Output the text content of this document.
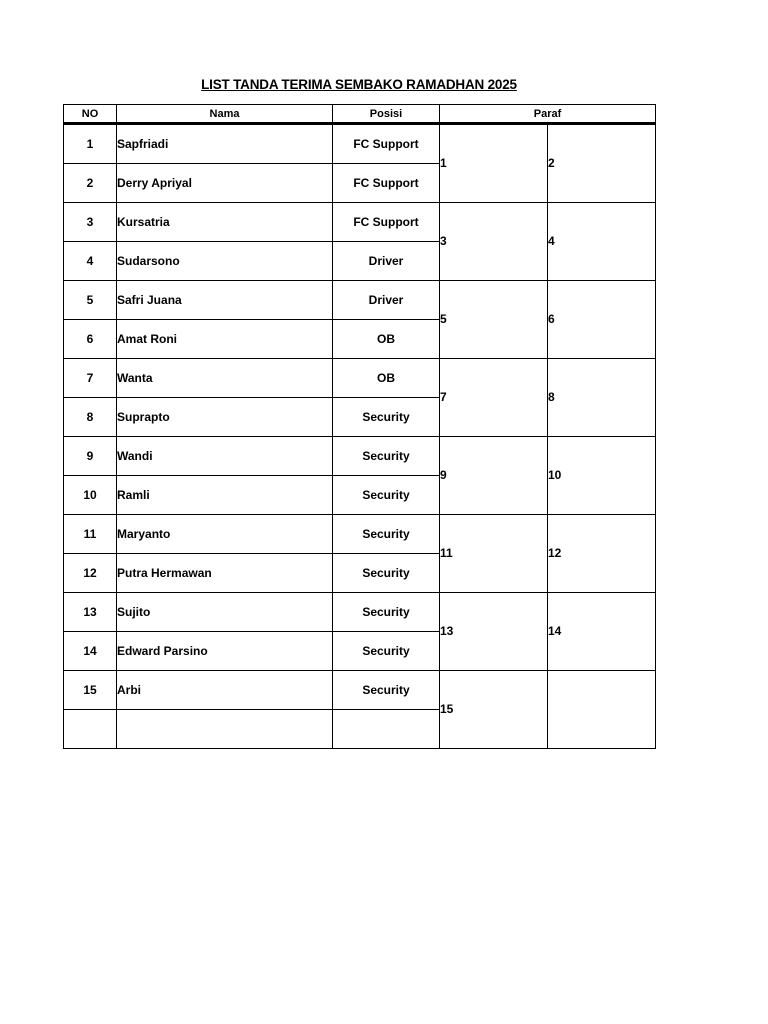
LIST TANDA TERIMA SEMBAKO RAMADHAN 2025
NO	Nama	Posisi	Paraf	
1	Sapfriadi	FC Support	1	2
2	Derry Apriyal	FC Support		
3	Kursatria	FC Support	3	4
4	Sudarsono	Driver		
5	Safri Juana	Driver	5	6
6	Amat Roni	OB		
7	Wanta	OB	7	8
8	Suprapto	Security		
9	Wandi	Security	9	10
10	Ramli	Security		
11	Maryanto	Security	11	12
12	Putra Hermawan	Security		
13	Sujito	Security	13	14
14	Edward Parsino	Security		
15	Arbi	Security	15	
